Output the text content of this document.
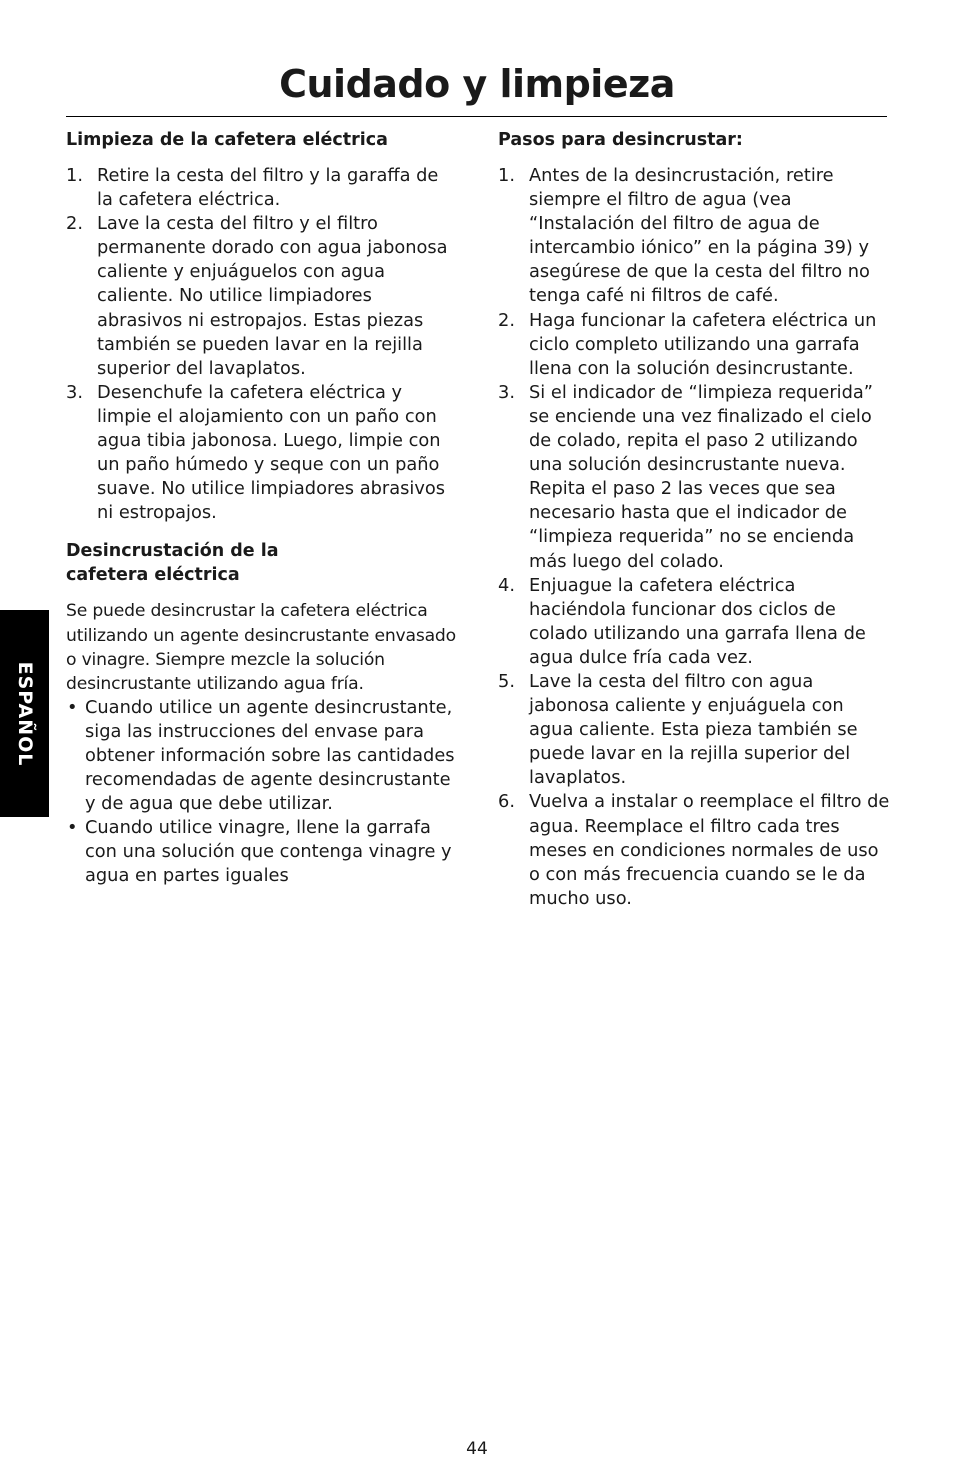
Cuidado y limpieza
Limpieza de la cafetera eléctrica
1. Retire la cesta del filtro y la garaffa de la cafetera eléctrica.
2. Lave la cesta del filtro y el filtro permanente dorado con agua jabonosa caliente y enjuáguelos con agua caliente. No utilice limpiadores abrasivos ni estropajos. Estas piezas también se pueden lavar en la rejilla superior del lavaplatos.
3. Desenchufe la cafetera eléctrica y limpie el alojamiento con un paño con agua tibia jabonosa. Luego, limpie con un paño húmedo y seque con un paño suave. No utilice limpiadores abrasivos ni estropajos.
Desincrustación de la
cafetera eléctrica

Se puede desincrustar la cafetera eléctrica utilizando un agente desincrustante envasado o vinagre. Siempre mezcle la solución desincrustante utilizando agua fría.

• Cuando utilice un agente desincrustante, siga las instrucciones del envase para obtener información sobre las cantidades recomendadas de agente desincrustante y de agua que debe utilizar.
• Cuando utilice vinagre, llene la garrafa con una solución que contenga vinagre y agua en partes iguales
Pasos para desincrustar:
1. Antes de la desincrustación, retire siempre el filtro de agua (vea “Instalación del filtro de agua de intercambio iónico” en la página 39) y asegúrese de que la cesta del filtro no tenga café ni filtros de café.
2. Haga funcionar la cafetera eléctrica un ciclo completo utilizando una garrafa llena con la solución desincrustante.
3. Si el indicador de “limpieza requerida” se enciende una vez finalizado el cielo de colado, repita el paso 2 utilizando una solución desincrustante nueva. Repita el paso 2 las veces que sea necesario hasta que el indicador de “limpieza requerida” no se encienda más luego del colado.
4. Enjuague la cafetera eléctrica haciéndola funcionar dos ciclos de colado utilizando una garrafa llena de agua dulce fría cada vez.
5. Lave la cesta del filtro con agua jabonosa caliente y enjuáguela con agua caliente. Esta pieza también se puede lavar en la rejilla superior del lavaplatos.
6. Vuelva a instalar o reemplace el filtro de agua. Reemplace el filtro cada tres meses en condiciones normales de uso o con más frecuencia cuando se le da mucho uso.
ESPAÑOL
44
